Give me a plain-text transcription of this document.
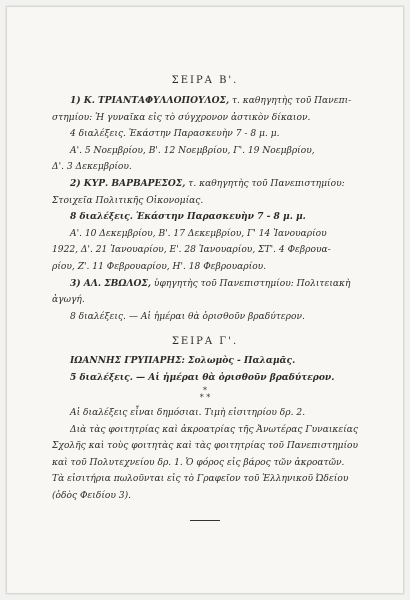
ΣΕΙΡΑ Β'.

1) Κ. ΤΡΙΑΝΤΑΦΥΛΛΟΠΟΥΛΟΣ, τ. καθηγητὴς τοῦ Πανεπι-

στημίου: Ἡ γυναῖκα εἰς τὸ σύγχρονον ἀστικὸν δίκαιον.

4 διαλέξεις. Ἑκάστην Παρασκευὴν 7 - 8 μ. μ.

Α'. 5 Νοεμβρίου, Β'. 12 Νοεμβρίου, Γ'. 19 Νοεμβρίου,

Δ'. 3 Δεκεμβρίου.

2) ΚΥΡ. ΒΑΡΒΑΡΕΣΟΣ, τ. καθηγητὴς τοῦ Πανεπιστημίου:

Στοιχεῖα Πολιτικῆς Οἰκονομίας.

8 διαλέξεις. Ἑκάστην Παρασκευὴν 7 - 8 μ. μ.

Α'. 10 Δεκεμβρίου, Β'. 17 Δεκεμβρίου, Γ' 14 Ἰανουαρίου

1922, Δ'. 21 Ἰανουαρίου, Ε'. 28 Ἰανουαρίου, ΣΤ'. 4 Φεβρουα-

ρίου, Ζ'. 11 Φεβρουαρίου, Η'. 18 Φεβρουαρίου.

3) ΑΛ. ΣΒΩΛΟΣ, ὑφηγητὴς τοῦ Πανεπιστημίου: Πολιτειακὴ

ἀγωγή.

8 διαλέξεις. — Αἱ ἡμέραι θὰ ὁρισθοῦν βραδύτερον.

ΣΕΙΡΑ Γ'.

ΙΩΑΝΝΗΣ ΓΡΥΠΑΡΗΣ: Σολωμὸς - Παλαμᾶς.

5 διαλέξεις. — Αἱ ἡμέραι θὰ ὁρισθοῦν βραδύτερον.

*
* *

Αἱ διαλέξεις εἶναι δημόσιαι. Τιμὴ εἰσιτηρίου δρ. 2.

Διὰ τὰς φοιτητρίας καὶ ἀκροατρίας τῆς Ἀνωτέρας Γυναικείας

Σχολῆς καὶ τοὺς φοιτητὰς καὶ τὰς φοιτητρίας τοῦ Πανεπιστημίου

καὶ τοῦ Πολυτεχνείου δρ. 1. Ὁ φόρος εἰς βάρος τῶν ἀκροατῶν.

Τὰ εἰσιτήρια πωλοῦνται εἰς τὸ Γραφεῖον τοῦ Ἑλληνικοῦ Ὠδείου

(ὁδὸς Φειδίου 3).
